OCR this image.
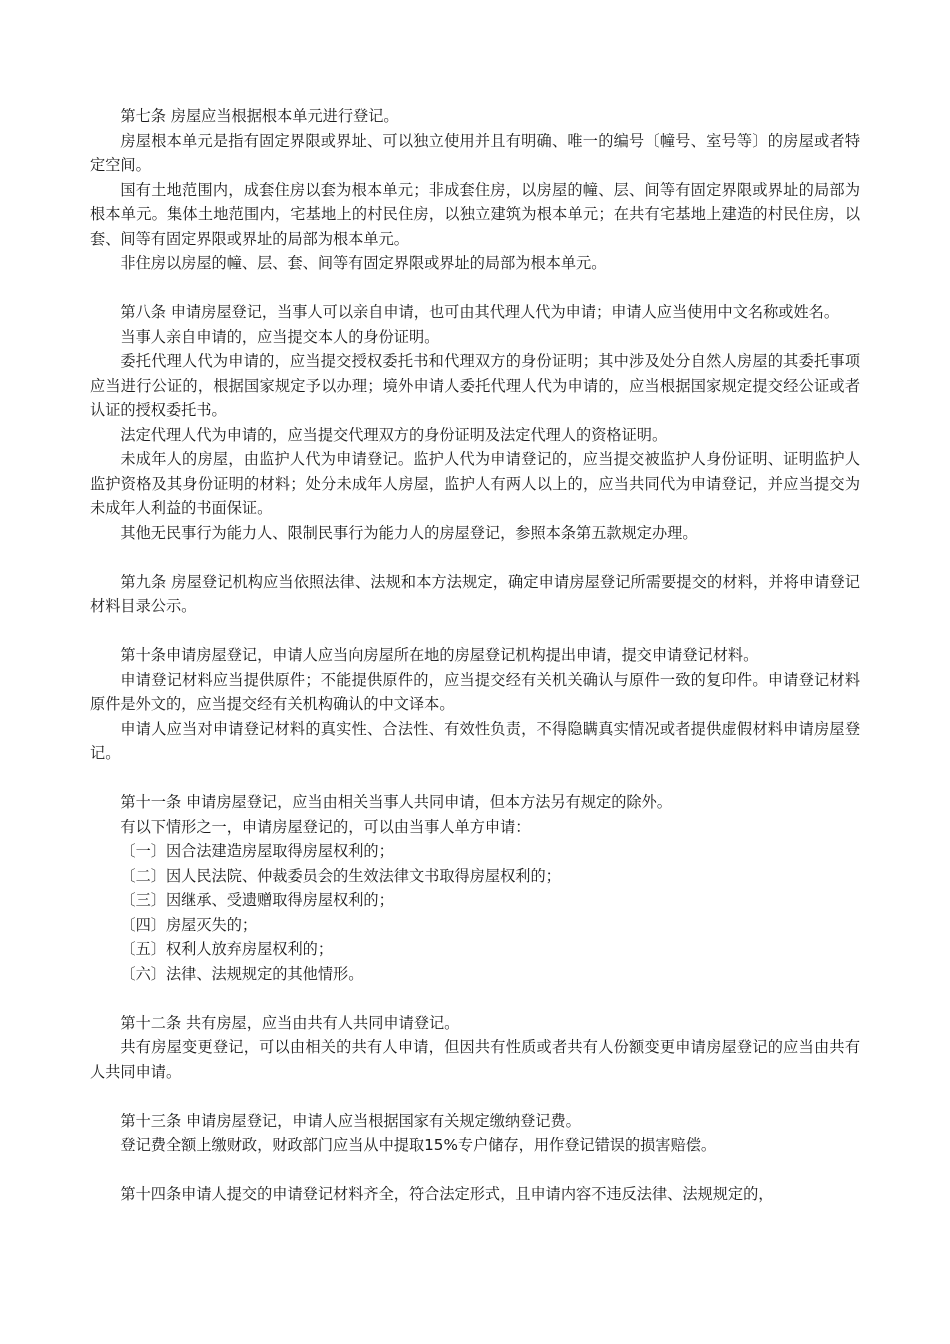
第七条 房屋应当根据根本单元进行登记。

房屋根本单元是指有固定界限或界址、可以独立使用并且有明确、唯一的编号〔幢号、室号等〕的房屋或者特定空间。

国有土地范围内，成套住房以套为根本单元；非成套住房，以房屋的幢、层、间等有固定界限或界址的局部为根本单元。集体土地范围内，宅基地上的村民住房，以独立建筑为根本单元；在共有宅基地上建造的村民住房，以套、间等有固定界限或界址的局部为根本单元。

非住房以房屋的幢、层、套、间等有固定界限或界址的局部为根本单元。

第八条 申请房屋登记，当事人可以亲自申请，也可由其代理人代为申请；申请人应当使用中文名称或姓名。

当事人亲自申请的，应当提交本人的身份证明。

委托代理人代为申请的，应当提交授权委托书和代理双方的身份证明；其中涉及处分自然人房屋的其委托事项应当进行公证的，根据国家规定予以办理；境外申请人委托代理人代为申请的，应当根据国家规定提交经公证或者认证的授权委托书。

法定代理人代为申请的，应当提交代理双方的身份证明及法定代理人的资格证明。

未成年人的房屋，由监护人代为申请登记。监护人代为申请登记的，应当提交被监护人身份证明、证明监护人监护资格及其身份证明的材料；处分未成年人房屋，监护人有两人以上的，应当共同代为申请登记，并应当提交为未成年人利益的书面保证。

其他无民事行为能力人、限制民事行为能力人的房屋登记，参照本条第五款规定办理。

第九条 房屋登记机构应当依照法律、法规和本方法规定，确定申请房屋登记所需要提交的材料，并将申请登记材料目录公示。

第十条申请房屋登记，申请人应当向房屋所在地的房屋登记机构提出申请，提交申请登记材料。

申请登记材料应当提供原件；不能提供原件的，应当提交经有关机关确认与原件一致的复印件。申请登记材料原件是外文的，应当提交经有关机构确认的中文译本。

申请人应当对申请登记材料的真实性、合法性、有效性负责，不得隐瞒真实情况或者提供虚假材料申请房屋登记。

第十一条 申请房屋登记，应当由相关当事人共同申请，但本方法另有规定的除外。

有以下情形之一，申请房屋登记的，可以由当事人单方申请：

〔一〕因合法建造房屋取得房屋权利的；

〔二〕因人民法院、仲裁委员会的生效法律文书取得房屋权利的；

〔三〕因继承、受遗赠取得房屋权利的；

〔四〕房屋灭失的；

〔五〕权利人放弃房屋权利的；

〔六〕法律、法规规定的其他情形。

第十二条 共有房屋，应当由共有人共同申请登记。

共有房屋变更登记，可以由相关的共有人申请，但因共有性质或者共有人份额变更申请房屋登记的应当由共有人共同申请。

第十三条 申请房屋登记，申请人应当根据国家有关规定缴纳登记费。

登记费全额上缴财政，财政部门应当从中提取15%专户储存，用作登记错误的损害赔偿。

第十四条申请人提交的申请登记材料齐全，符合法定形式，且申请内容不违反法律、法规规定的，
